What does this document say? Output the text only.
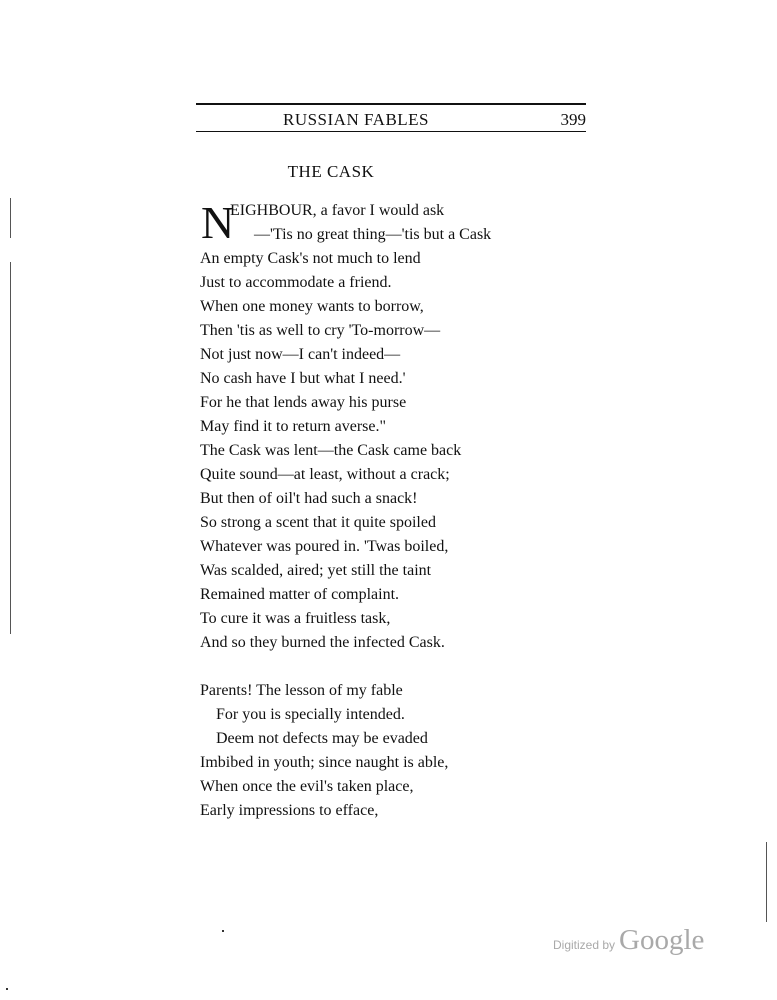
RUSSIAN FABLES	399
THE CASK
N
EIGHBOUR, a favor I would ask
—'Tis no great thing—'tis but a Cask
An empty Cask's not much to lend
Just to accommodate a friend.
When one money wants to borrow,
Then 'tis as well to cry 'To-morrow—
Not just now—I can't indeed—
No cash have I but what I need.'
For he that lends away his purse
May find it to return averse."
The Cask was lent—the Cask came back
Quite sound—at least, without a crack;
But then of oil't had such a snack!
So strong a scent that it quite spoiled
Whatever was poured in. 'Twas boiled,
Was scalded, aired; yet still the taint
Remained matter of complaint.
To cure it was a fruitless task,
And so they burned the infected Cask.
Parents! The lesson of my fable
For you is specially intended.
Deem not defects may be evaded
Imbibed in youth; since naught is able,
When once the evil's taken place,
Early impressions to efface,
Digitized by Google
